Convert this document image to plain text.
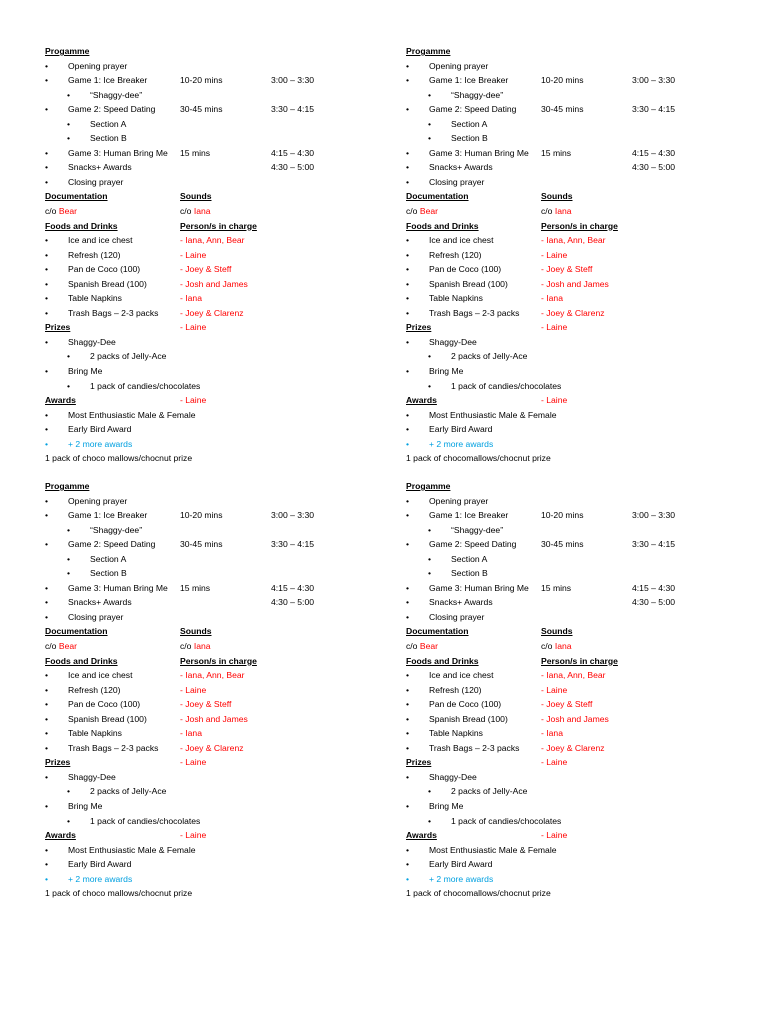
Progamme
• Opening prayer
• Game 1: Ice Breaker	10-20 mins	3:00 – 3:30
• “Shaggy-dee”
• Game 2: Speed Dating	30-45 mins	3:30 – 4:15
• Section A
• Section B
• Game 3: Human Bring Me 15 mins	4:15 – 4:30
• Snacks+ Awards	4:30 – 5:00
• Closing prayer
Documentation	Sounds
c/o Bear	c/o Iana
Foods and Drinks	Person/s in charge
• Ice and ice chest	- Iana, Ann, Bear
• Refresh (120)	- Laine
• Pan de Coco (100)	- Joey & Steff
• Spanish Bread (100)	- Josh and James
• Table Napkins	- Iana
• Trash Bags – 2-3 packs	- Joey & Clarenz
Prizes	- Laine
• Shaggy-Dee
• 2 packs of Jelly-Ace
• Bring Me
• 1 pack of candies/chocolates
Awards	- Laine
• Most Enthusiastic Male & Female
• Early Bird Award
• + 2 more awards
1 pack of choco mallows/chocnut prize
Progamme
• Opening prayer
• Game 1: Ice Breaker	10-20 mins	3:00 – 3:30
• “Shaggy-dee”
• Game 2: Speed Dating	30-45 mins	3:30 – 4:15
• Section A
• Section B
• Game 3: Human Bring Me 15 mins	4:15 – 4:30
• Snacks+ Awards	4:30 – 5:00
• Closing prayer
Documentation	Sounds
c/o Bear	c/o Iana
Foods and Drinks	Person/s in charge
• Ice and ice chest	- Iana, Ann, Bear
• Refresh (120)	- Laine
• Pan de Coco (100)	- Joey & Steff
• Spanish Bread (100)	- Josh and James
• Table Napkins	- Iana
• Trash Bags – 2-3 packs	- Joey & Clarenz
Prizes	- Laine
• Shaggy-Dee
• 2 packs of Jelly-Ace
• Bring Me
• 1 pack of candies/chocolates
Awards	- Laine
• Most Enthusiastic Male & Female
• Early Bird Award
• + 2 more awards
1 pack of chocomallows/chocnut prize
Progamme
• Opening prayer
• Game 1: Ice Breaker	10-20 mins	3:00 – 3:30
• “Shaggy-dee”
• Game 2: Speed Dating	30-45 mins	3:30 – 4:15
• Section A
• Section B
• Game 3: Human Bring Me 15 mins	4:15 – 4:30
• Snacks+ Awards	4:30 – 5:00
• Closing prayer
Documentation	Sounds
c/o Bear	c/o Iana
Foods and Drinks	Person/s in charge
• Ice and ice chest	- Iana, Ann, Bear
• Refresh (120)	- Laine
• Pan de Coco (100)	- Joey & Steff
• Spanish Bread (100)	- Josh and James
• Table Napkins	- Iana
• Trash Bags – 2-3 packs	- Joey & Clarenz
Prizes	- Laine
• Shaggy-Dee
• 2 packs of Jelly-Ace
• Bring Me
• 1 pack of candies/chocolates
Awards	- Laine
• Most Enthusiastic Male & Female
• Early Bird Award
• + 2 more awards
1 pack of choco mallows/chocnut prize
Progamme
• Opening prayer
• Game 1: Ice Breaker	10-20 mins	3:00 – 3:30
• “Shaggy-dee”
• Game 2: Speed Dating	30-45 mins	3:30 – 4:15
• Section A
• Section B
• Game 3: Human Bring Me 15 mins	4:15 – 4:30
• Snacks+ Awards	4:30 – 5:00
• Closing prayer
Documentation	Sounds
c/o Bear	c/o Iana
Foods and Drinks	Person/s in charge
• Ice and ice chest	- Iana, Ann, Bear
• Refresh (120)	- Laine
• Pan de Coco (100)	- Joey & Steff
• Spanish Bread (100)	- Josh and James
• Table Napkins	- Iana
• Trash Bags – 2-3 packs	- Joey & Clarenz
Prizes	- Laine
• Shaggy-Dee
• 2 packs of Jelly-Ace
• Bring Me
• 1 pack of candies/chocolates
Awards	- Laine
• Most Enthusiastic Male & Female
• Early Bird Award
• + 2 more awards
1 pack of chocomallows/chocnut prize
